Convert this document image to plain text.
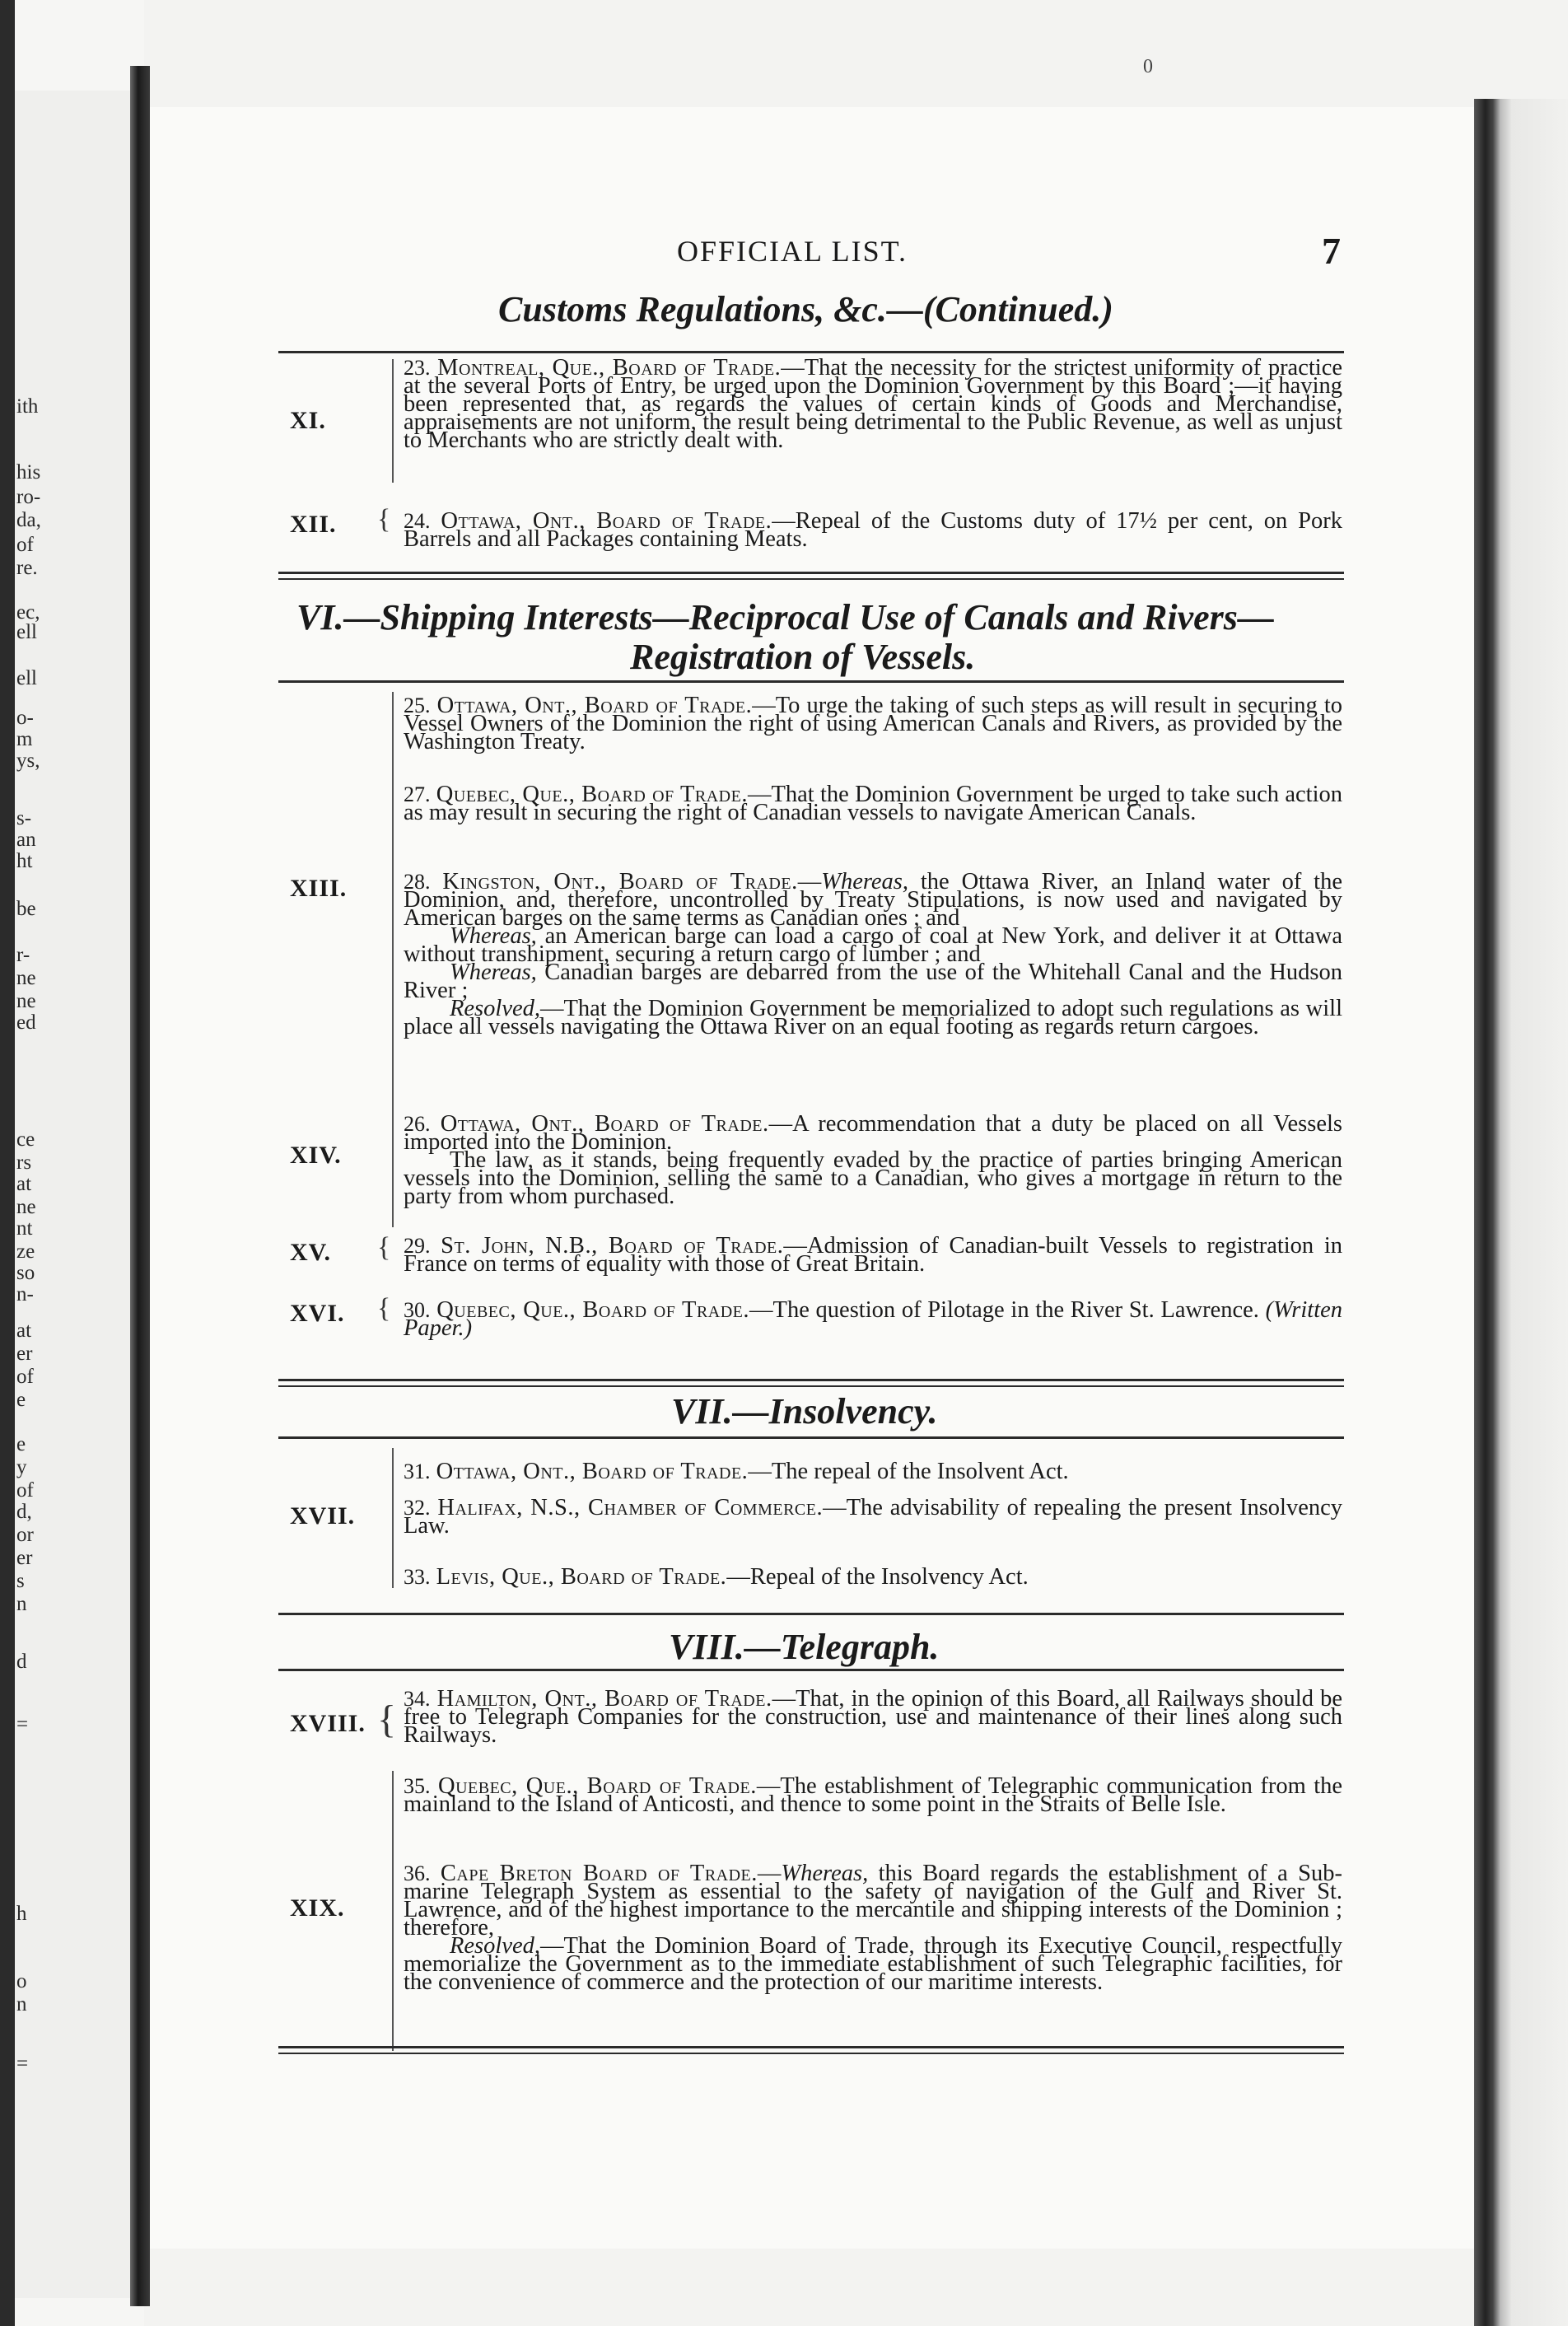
ith
his
ro-
da,
of
re.
ec,
ell
ell
o-
m
ys,
s-
an
ht
be
r-
ne
ne
ed
ce
rs
at
ne
nt
ze
so
n-
at
er
of
e
e
y
of
d,
or
er
s
n
d
=
h
o
n
=
0
OFFICIAL LIST.	7
Customs Regulations, &c.—(Continued.)
XI.

23. Montreal, Que., Board of Trade.—That the necessity for the strictest uniformity of practice at the several Ports of Entry, be urged upon the Dominion Government by this Board ;—it having been represented that, as regards the values of certain kinds of Goods and Merchandise, appraisements are not uniform, the result being detrimental to the Public Revenue, as well as unjust to Merchants who are strictly dealt with.

XII. { 24. Ottawa, Ont., Board of Trade.—Repeal of the Customs duty of 17½ per cent, on Pork Barrels and all Packages containing Meats.

VI.—Shipping Interests—Reciprocal Use of Canals and Rivers—
Registration of Vessels.
XIII.

25. Ottawa, Ont., Board of Trade.—To urge the taking of such steps as will result in securing to Vessel Owners of the Dominion the right of using American Canals and Rivers, as provided by the Washington Treaty.

27. Quebec, Que., Board of Trade.—That the Dominion Government be urged to take such action as may result in securing the right of Canadian vessels to navigate American Canals.

28. Kingston, Ont., Board of Trade.—Whereas, the Ottawa River, an Inland water of the Dominion, and, therefore, uncontrolled by Treaty Stipulations, is now used and navigated by American barges on the same terms as Canadian ones ; and

Whereas, an American barge can load a cargo of coal at New York, and deliver it at Ottawa without transhipment, securing a return cargo of lumber ; and

Whereas, Canadian barges are debarred from the use of the Whitehall Canal and the Hudson River ;

Resolved,—That the Dominion Government be memorialized to adopt such regulations as will place all vessels navigating the Ottawa River on an equal footing as regards return cargoes.

XIV.

26. Ottawa, Ont., Board of Trade.—A recommendation that a duty be placed on all Vessels imported into the Dominion.

The law, as it stands, being frequently evaded by the practice of parties bringing American vessels into the Dominion, selling the same to a Canadian, who gives a mortgage in return to the party from whom purchased.

XV. { 29. St. John, N.B., Board of Trade.—Admission of Canadian-built Vessels to registration in France on terms of equality with those of Great Britain.

XVI. { 30. Quebec, Que., Board of Trade.—The question of Pilotage in the River St. Lawrence. (Written Paper.)

VII.—Insolvency.
XVII.

31. Ottawa, Ont., Board of Trade.—The repeal of the Insolvent Act.

32. Halifax, N.S., Chamber of Commerce.—The advisability of repealing the present Insolvency Law.

33. Levis, Que., Board of Trade.—Repeal of the Insolvency Act.

VIII.—Telegraph.
XVIII. { 34. Hamilton, Ont., Board of Trade.—That, in the opinion of this Board, all Railways should be free to Telegraph Companies for the construction, use and maintenance of their lines along such Railways.

XIX.

35. Quebec, Que., Board of Trade.—The establishment of Telegraphic communication from the mainland to the Island of Anticosti, and thence to some point in the Straits of Belle Isle.

36. Cape Breton Board of Trade.—Whereas, this Board regards the establishment of a Sub-marine Telegraph System as essential to the safety of navigation of the Gulf and River St. Lawrence, and of the highest importance to the mercantile and shipping interests of the Dominion ; therefore,

Resolved,—That the Dominion Board of Trade, through its Executive Council, respectfully memorialize the Government as to the immediate establishment of such Telegraphic facilities, for the convenience of commerce and the protection of our maritime interests.
